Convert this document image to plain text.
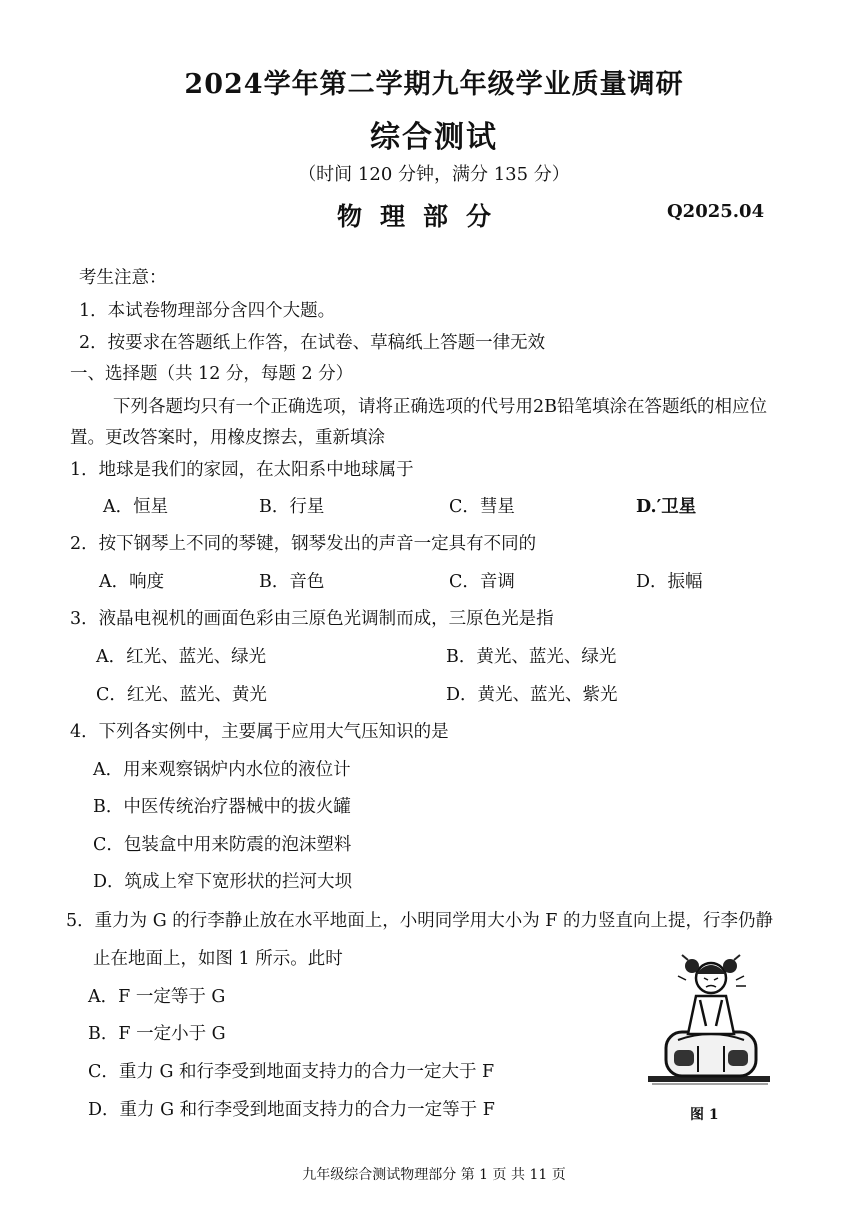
2024学年第二学期九年级学业质量调研
综合测试
（时间 120 分钟，满分 135 分）
物理部分	Q2025.04
考生注意：
1．本试卷物理部分含四个大题。
2．按要求在答题纸上作答，在试卷、草稿纸上答题一律无效
一、选择题（共 12 分，每题 2 分）
下列各题均只有一个正确选项，请将正确选项的代号用2B铅笔填涂在答题纸的相应位
置。更改答案时，用橡皮擦去，重新填涂
1．地球是我们的家园，在太阳系中地球属于
A．恒星	B．行星	C．彗星	D.′卫星
2．按下钢琴上不同的琴键，钢琴发出的声音一定具有不同的
A．响度	B．音色	C．音调	D．振幅
3．液晶电视机的画面色彩由三原色光调制而成，三原色光是指
A．红光、蓝光、绿光	B．黄光、蓝光、绿光
C．红光、蓝光、黄光	D．黄光、蓝光、紫光
4．下列各实例中，主要属于应用大气压知识的是
A．用来观察锅炉内水位的液位计
B．中医传统治疗器械中的拔火罐
C．包装盒中用来防震的泡沫塑料
D．筑成上窄下宽形状的拦河大坝
5．重力为 G 的行李静止放在水平地面上，小明同学用大小为 F 的力竖直向上提，行李仍静
止在地面上，如图 1 所示。此时
A．F 一定等于 G
B．F 一定小于 G
C．重力 G 和行李受到地面支持力的合力一定大于 F
D．重力 G 和行李受到地面支持力的合力一定等于 F	图 1
九年级综合测试物理部分 第 1 页 共 11 页
